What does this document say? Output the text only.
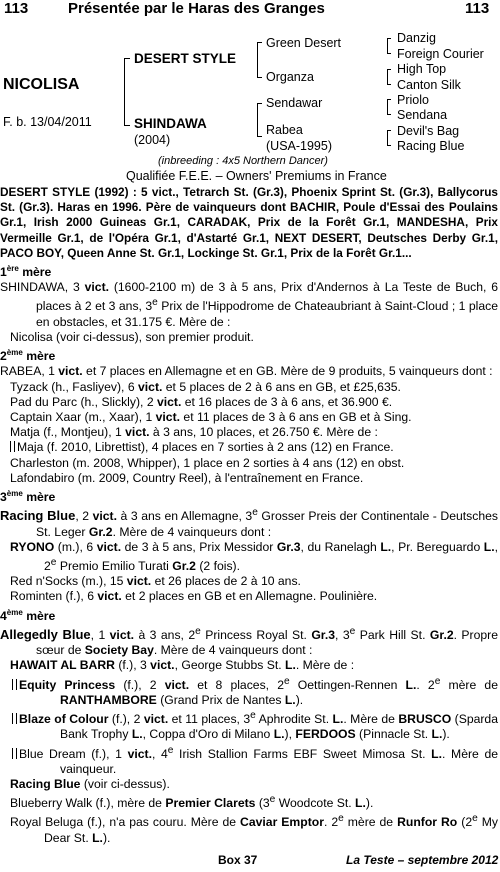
113	Présentée par le Haras des Granges	113
NICOLISA
F. b. 13/04/2011
DESERT STYLE
SHINDAWA
(2004)
Green Desert
Organza
Sendawar
Rabea
(USA-1995)
Danzig
Foreign Courier
High Top
Canton Silk
Priolo
Sendana
Devil's Bag
Racing Blue
(inbreeding : 4x5 Northern Dancer)
Qualifiée F.E.E. – Owners' Premiums in France

DESERT STYLE (1992) : 5 vict., Tetrarch St. (Gr.3), Phoenix Sprint St. (Gr.3), Ballycorus St. (Gr.3). Haras en 1996. Père de vainqueurs dont BACHIR, Poule d'Essai des Poulains Gr.1, Irish 2000 Guineas Gr.1, CARADAK, Prix de la Forêt Gr.1, MANDESHA, Prix Vermeille Gr.1, de l'Opéra Gr.1, d'Astarté Gr.1, NEXT DESERT, Deutsches Derby Gr.1, PACO BOY, Queen Anne St. Gr.1, Lockinge St. Gr.1, Prix de la Forêt Gr.1...

1ère mère

SHINDAWA, 3 vict. (1600-2100 m) de 3 à 5 ans, Prix d'Andernos à La Teste de Buch, 6 places à 2 et 3 ans, 3e Prix de l'Hippodrome de Chateaubriant à Saint-Cloud ; 1 place en obstacles, et 31.175 €. Mère de :

Nicolisa (voir ci-dessus), son premier produit.

2ème mère

RABEA, 1 vict. et 7 places en Allemagne et en GB. Mère de 9 produits, 5 vainqueurs dont :

Tyzack (h., Fasliyev), 6 vict. et 5 places de 2 à 6 ans en GB, et £25,635.

Pad du Parc (h., Slickly), 2 vict. et 16 places de 3 à 6 ans, et 36.900 €.

Captain Xaar (m., Xaar), 1 vict. et 11 places de 3 à 6 ans en GB et à Sing.

Matja (f., Montjeu), 1 vict. à 3 ans, 10 places, et 26.750 €. Mère de :

Maja (f. 2010, Librettist), 4 places en 7 sorties à 2 ans (12) en France.

Charleston (m. 2008, Whipper), 1 place en 2 sorties à 4 ans (12) en obst.

Lafondabiro (m. 2009, Country Reel), à l'entraînement en France.

3ème mère

Racing Blue, 2 vict. à 3 ans en Allemagne, 3e Grosser Preis der Continentale - Deutsches St. Leger Gr.2. Mère de 4 vainqueurs dont :

RYONO (m.), 6 vict. de 3 à 5 ans, Prix Messidor Gr.3, du Ranelagh L., Pr. Bereguardo L., 2e Premio Emilio Turati Gr.2 (2 fois).

Red n'Socks (m.), 15 vict. et 26 places de 2 à 10 ans.

Rominten (f.), 6 vict. et 2 places en GB et en Allemagne. Poulinière.

4ème mère

Allegedly Blue, 1 vict. à 3 ans, 2e Princess Royal St. Gr.3, 3e Park Hill St. Gr.2. Propre sœur de Society Bay. Mère de 4 vainqueurs dont :

HAWAIT AL BARR (f.), 3 vict., George Stubbs St. L.. Mère de :

Equity Princess (f.), 2 vict. et 8 places, 2e Oettingen-Rennen L.. 2e mère de RANTHAMBORE (Grand Prix de Nantes L.).

Blaze of Colour (f.), 2 vict. et 11 places, 3e Aphrodite St. L.. Mère de BRUSCO (Sparda Bank Trophy L., Coppa d'Oro di Milano L.), FERDOOS (Pinnacle St. L.).

Blue Dream (f.), 1 vict., 4e Irish Stallion Farms EBF Sweet Mimosa St. L.. Mère de vainqueur.

Racing Blue (voir ci-dessus).

Blueberry Walk (f.), mère de Premier Clarets (3e Woodcote St. L.).

Royal Beluga (f.), n'a pas couru. Mère de Caviar Emptor. 2e mère de Runfor Ro (2e My Dear St. L.).

Box 37	La Teste – septembre 2012
